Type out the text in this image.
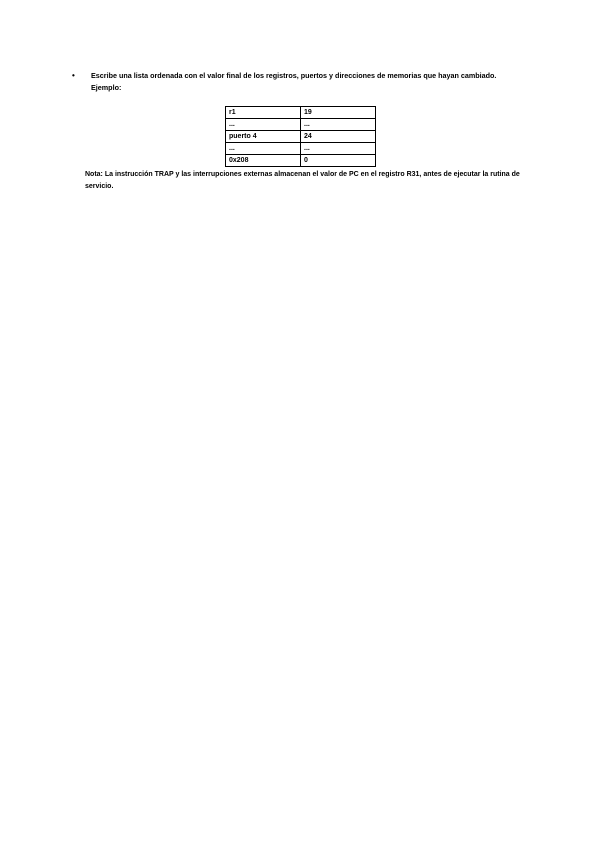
• Escribe una lista ordenada con el valor final de los registros, puertos y direcciones de memorias que hayan cambiado.
Ejemplo:
r1	19
...	...
puerto 4	24
...	...
0x208	0
Nota: La instrucción TRAP y las interrupciones externas almacenan el valor de PC en el registro R31, antes de ejecutar la rutina de servicio.
